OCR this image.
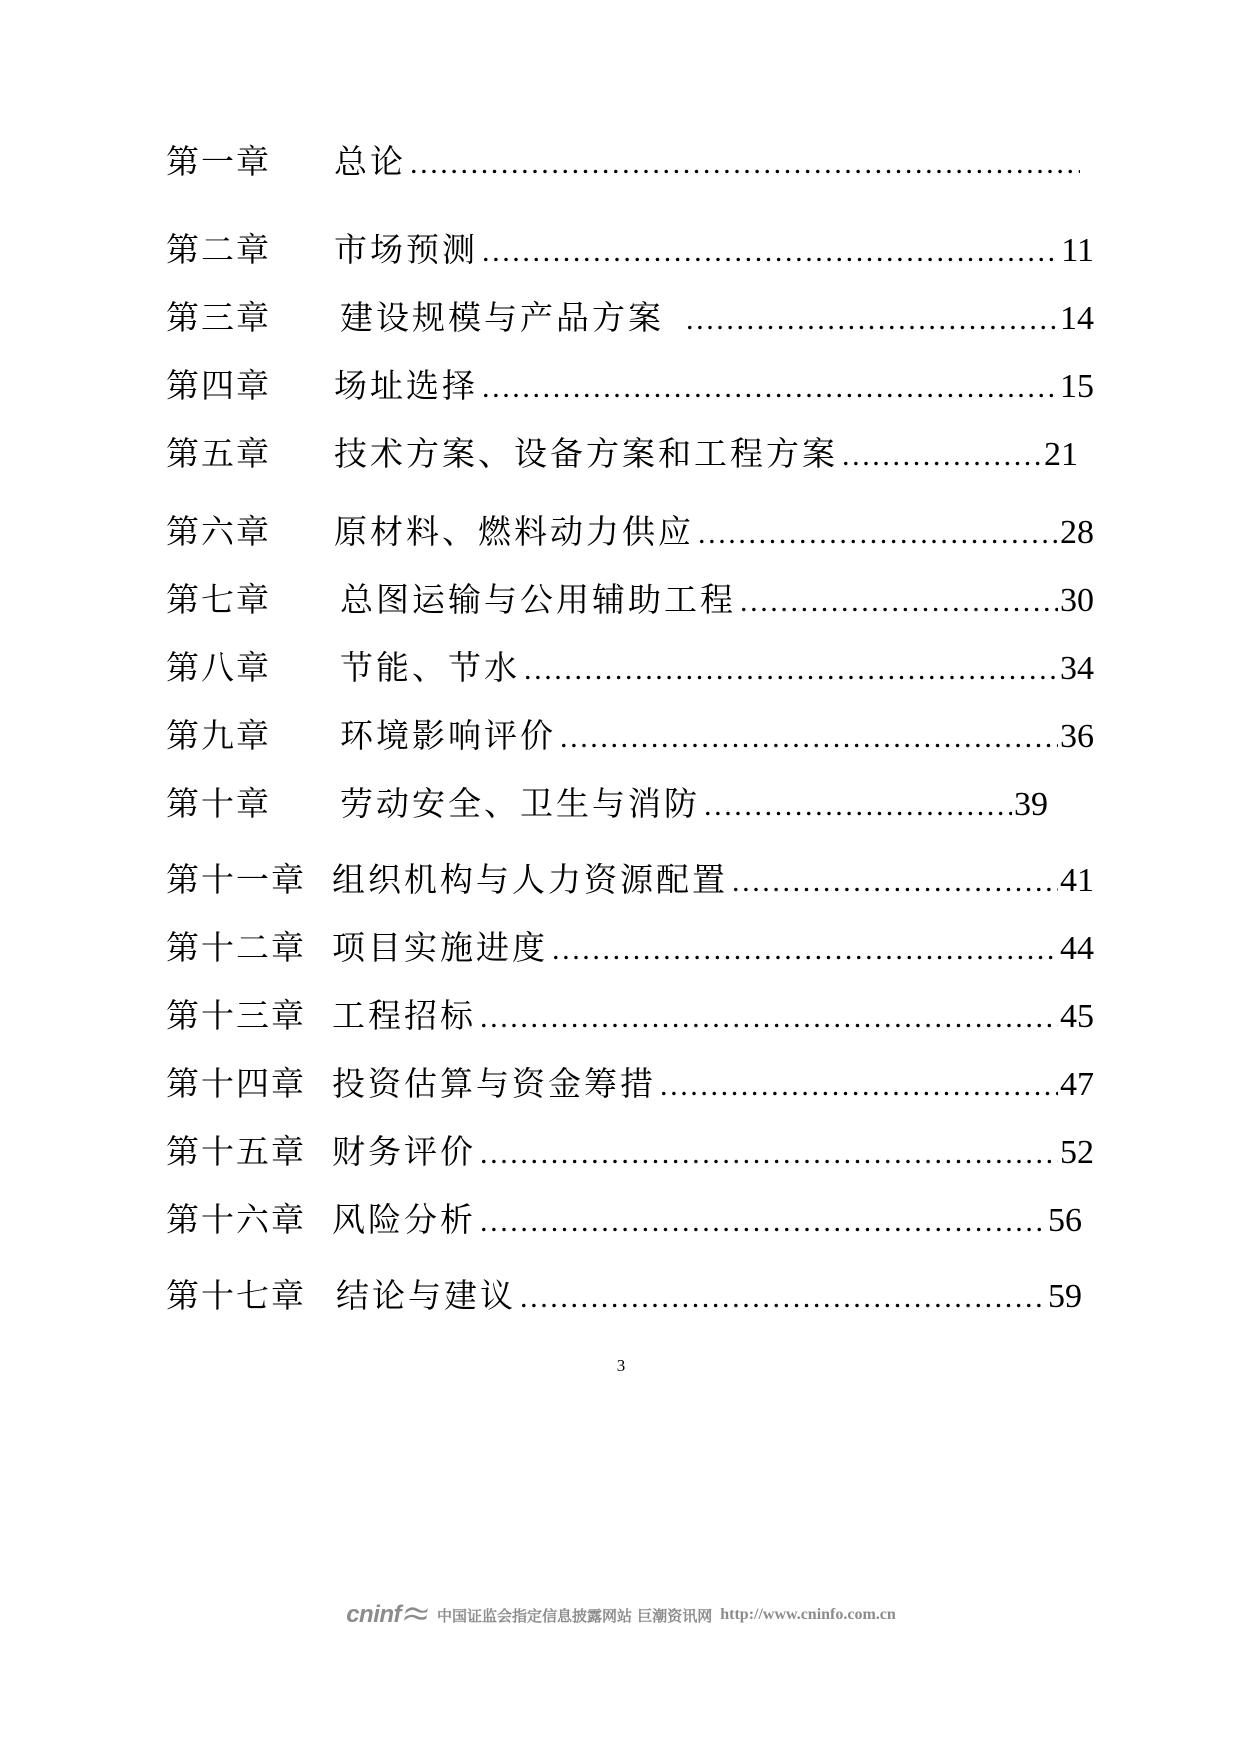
第一章	总论
.....
第二章	市场预测 .....	11
第三章	建设规模与产品方案 .....	14
第四章	场址选择 .....	15
第五章	技术方案、设备方案和工程方案 .....	21
第六章	原材料、燃料动力供应 .....	28
第七章	总图运输与公用辅助工程 .....	30
第八章	节能、节水 .....	34
第九章	环境影响评价 .....	36
第十章	劳动安全、卫生与消防 .....	39
第十一章 组织机构与人力资源配置 .....	41
第十二章 项目实施进度 .....	44
第十三章 工程招标 .....	45
第十四章 投资估算与资金筹措 .....	47
第十五章 财务评价 .....	52
第十六章 风险分析 .....	56
第十七章 结论与建议 .....	59
3
cninf 中国证监会指定信息披露网站 巨潮资讯网 http://www.cninfo.com.cn
